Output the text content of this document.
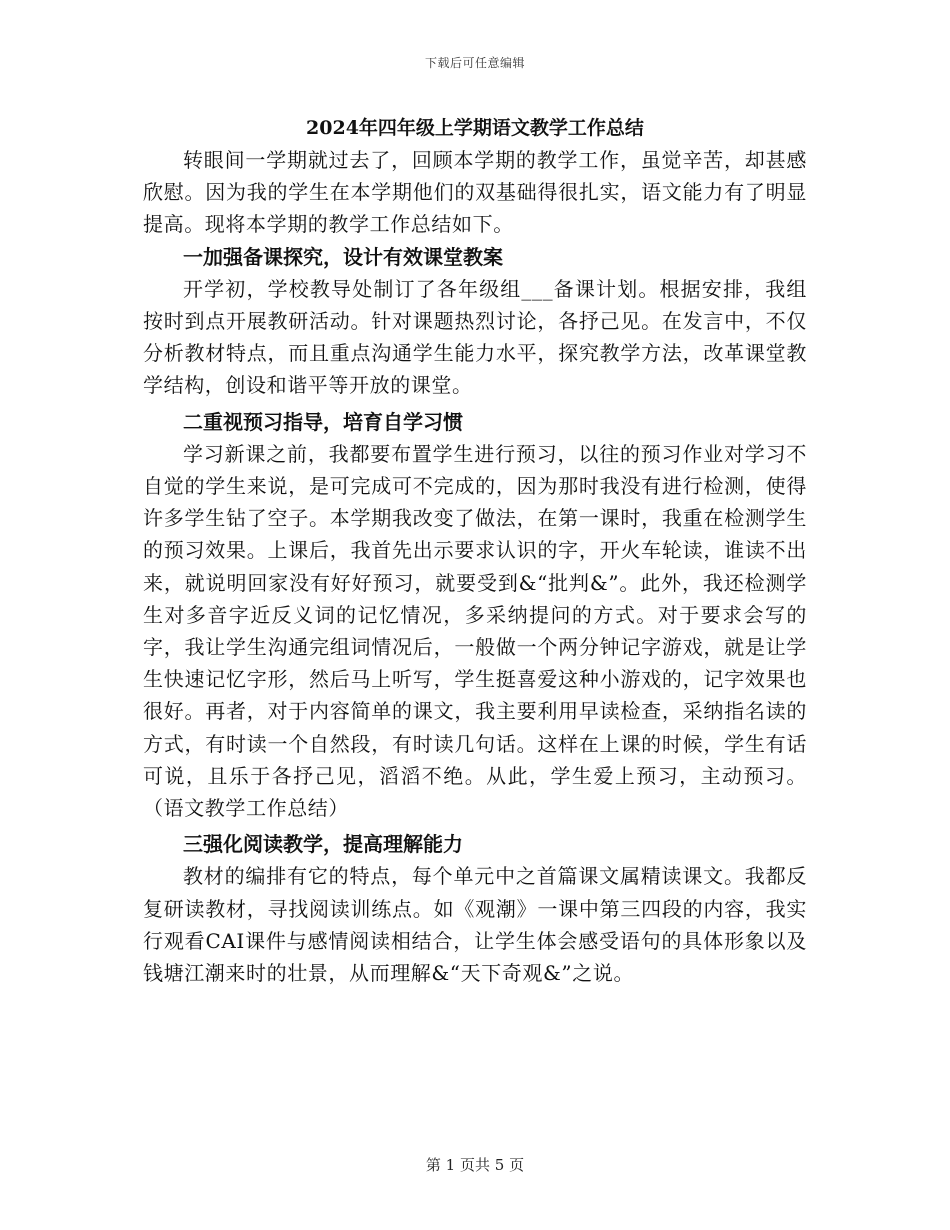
下载后可任意编辑

2024年四年级上学期语文教学工作总结

转眼间一学期就过去了，回顾本学期的教学工作，虽觉辛苦，却甚感欣慰。因为我的学生在本学期他们的双基础得很扎实，语文能力有了明显提高。现将本学期的教学工作总结如下。

一加强备课探究，设计有效课堂教案

开学初，学校教导处制订了各年级组___备课计划。根据安排，我组按时到点开展教研活动。针对课题热烈讨论，各抒己见。在发言中，不仅分析教材特点，而且重点沟通学生能力水平，探究教学方法，改革课堂教学结构，创设和谐平等开放的课堂。

二重视预习指导，培育自学习惯

学习新课之前，我都要布置学生进行预习，以往的预习作业对学习不自觉的学生来说，是可完成可不完成的，因为那时我没有进行检测，使得许多学生钻了空子。本学期我改变了做法，在第一课时，我重在检测学生的预习效果。上课后，我首先出示要求认识的字，开火车轮读，谁读不出来，就说明回家没有好好预习，就要受到&“批判&”。此外，我还检测学生对多音字近反义词的记忆情况，多采纳提问的方式。对于要求会写的字，我让学生沟通完组词情况后，一般做一个两分钟记字游戏，就是让学生快速记忆字形，然后马上听写，学生挺喜爱这种小游戏的，记字效果也很好。再者，对于内容简单的课文，我主要利用早读检查，采纳指名读的方式，有时读一个自然段，有时读几句话。这样在上课的时候，学生有话可说，且乐于各抒己见，滔滔不绝。从此，学生爱上预习，主动预习。（语文教学工作总结）

三强化阅读教学，提高理解能力

教材的编排有它的特点，每个单元中之首篇课文属精读课文。我都反复研读教材，寻找阅读训练点。如《观潮》一课中第三四段的内容，我实行观看CAI课件与感情阅读相结合，让学生体会感受语句的具体形象以及钱塘江潮来时的壮景，从而理解&“天下奇观&”之说。

第 1 页共 5 页
